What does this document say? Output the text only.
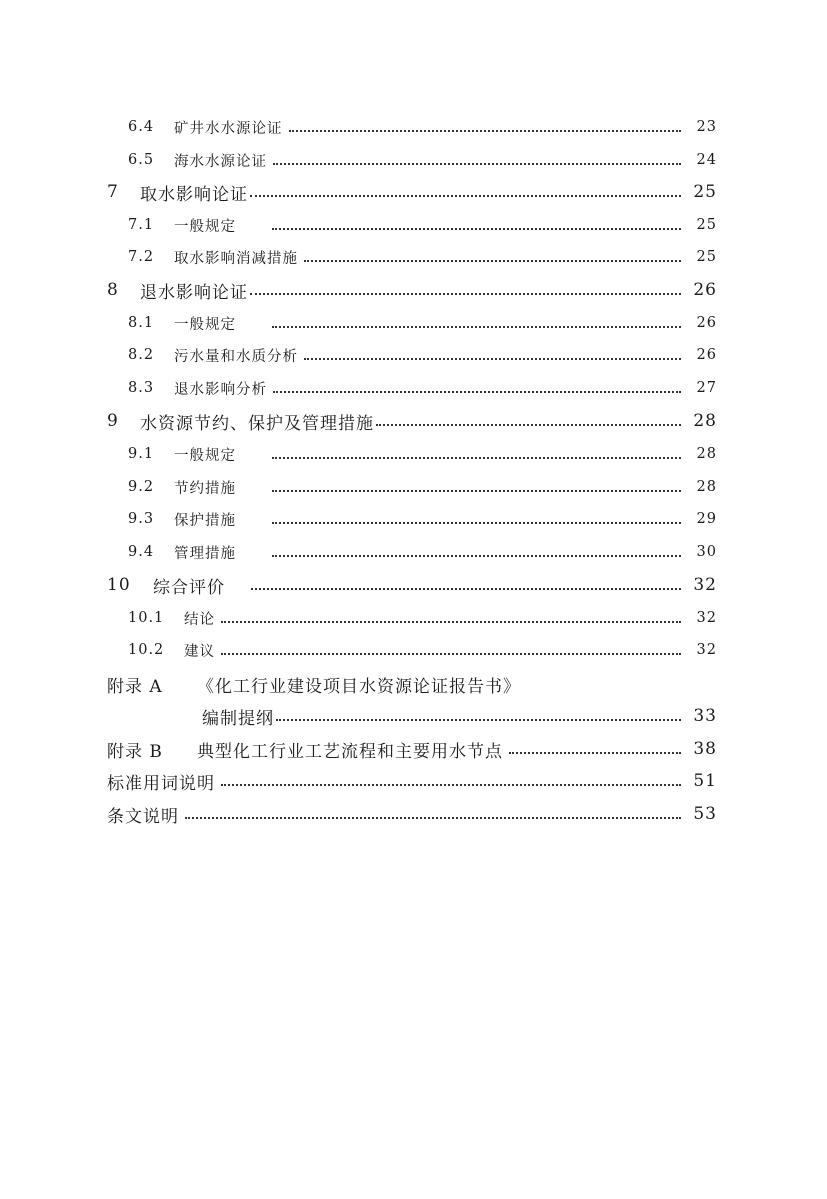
6.4	矿井水水源论证	23
6.5	海水水源论证	24
7	取水影响论证	25
7.1	一般规定	25
7.2	取水影响消减措施	25
8	退水影响论证	26
8.1	一般规定	26
8.2	污水量和水质分析	26
8.3	退水影响分析	27
9	水资源节约、保护及管理措施	28
9.1	一般规定	28
9.2	节约措施	28
9.3	保护措施	29
9.4	管理措施	30
10	综合评价	32
10.1	结论	32
10.2	建议	32
附录 A	《化工行业建设项目水资源论证报告书》
编制提纲	33
附录 B	典型化工行业工艺流程和主要用水节点	38
标准用词说明	51
条文说明	53
